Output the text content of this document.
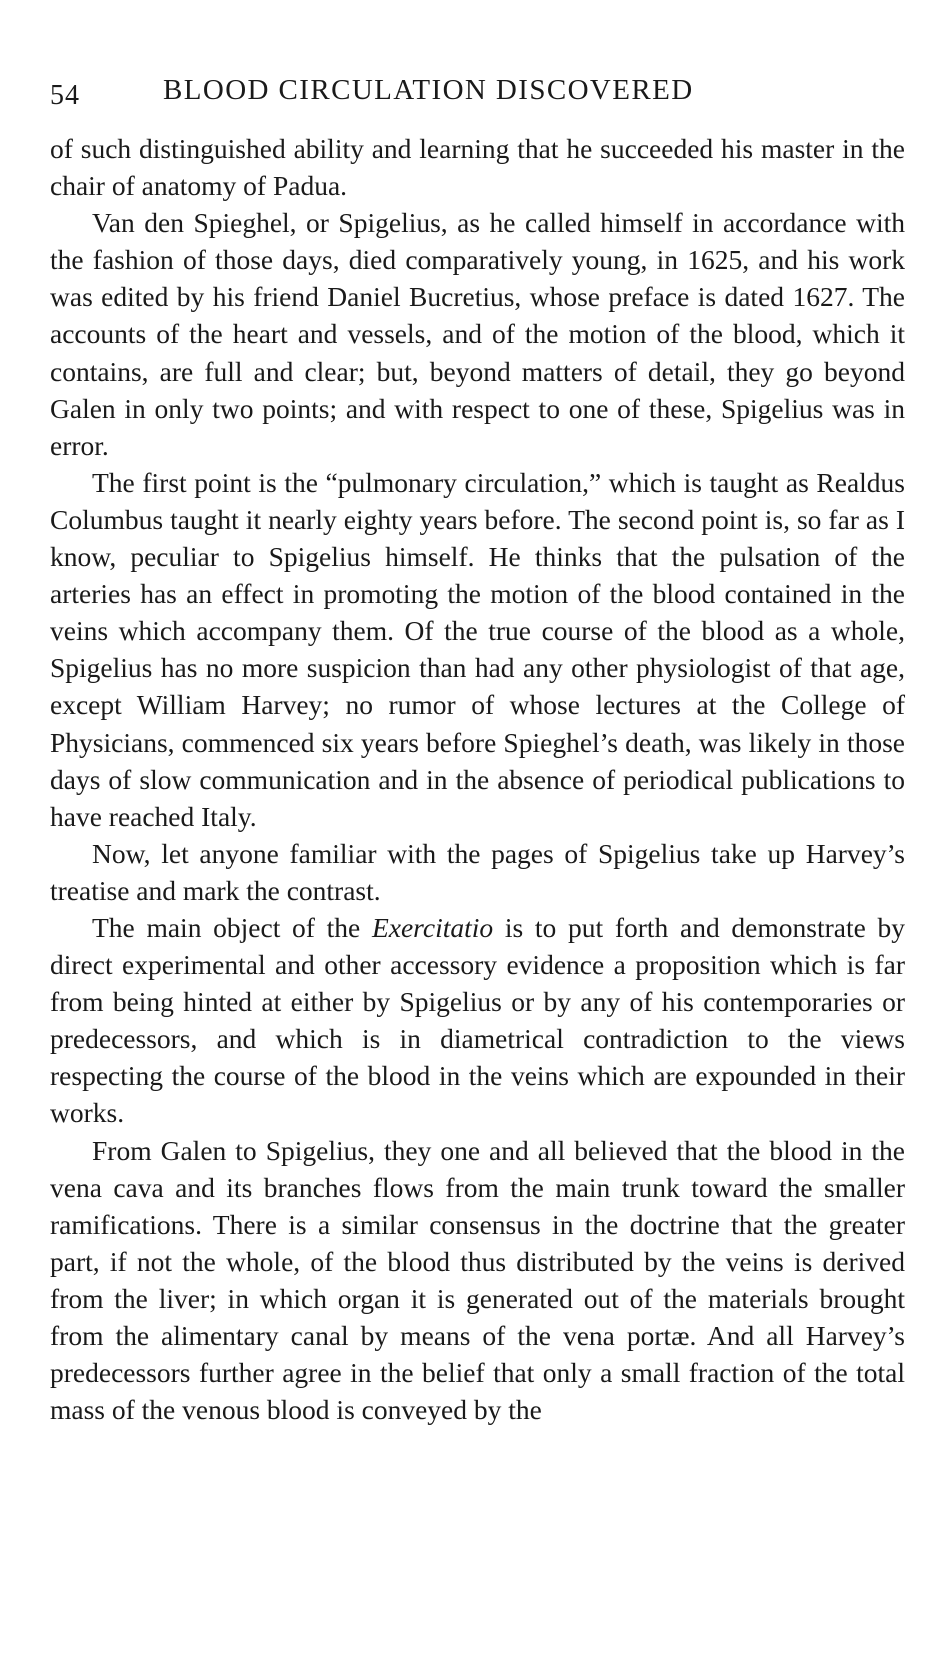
54	BLOOD CIRCULATION DISCOVERED

of such distinguished ability and learning that he succeeded his master in the chair of anatomy of Padua.

Van den Spieghel, or Spigelius, as he called himself in accordance with the fashion of those days, died comparatively young, in 1625, and his work was edited by his friend Daniel Bucretius, whose preface is dated 1627. The accounts of the heart and vessels, and of the motion of the blood, which it contains, are full and clear; but, beyond matters of detail, they go beyond Galen in only two points; and with respect to one of these, Spigelius was in error.

The first point is the “pulmonary circulation,” which is taught as Realdus Columbus taught it nearly eighty years before. The second point is, so far as I know, peculiar to Spigelius himself. He thinks that the pulsation of the arteries has an effect in promoting the motion of the blood contained in the veins which accompany them. Of the true course of the blood as a whole, Spigelius has no more suspicion than had any other physiologist of that age, except William Harvey; no rumor of whose lectures at the College of Physicians, commenced six years before Spieghel’s death, was likely in those days of slow communication and in the absence of periodical publications to have reached Italy.

Now, let anyone familiar with the pages of Spigelius take up Harvey’s treatise and mark the contrast.

The main object of the Exercitatio is to put forth and demonstrate by direct experimental and other accessory evidence a proposition which is far from being hinted at either by Spigelius or by any of his contemporaries or predecessors, and which is in diametrical contradiction to the views respecting the course of the blood in the veins which are expounded in their works.

From Galen to Spigelius, they one and all believed that the blood in the vena cava and its branches flows from the main trunk toward the smaller ramifications. There is a similar consensus in the doctrine that the greater part, if not the whole, of the blood thus distributed by the veins is derived from the liver; in which organ it is generated out of the materials brought from the alimentary canal by means of the vena portæ. And all Harvey’s predecessors further agree in the belief that only a small fraction of the total mass of the venous blood is conveyed by the
